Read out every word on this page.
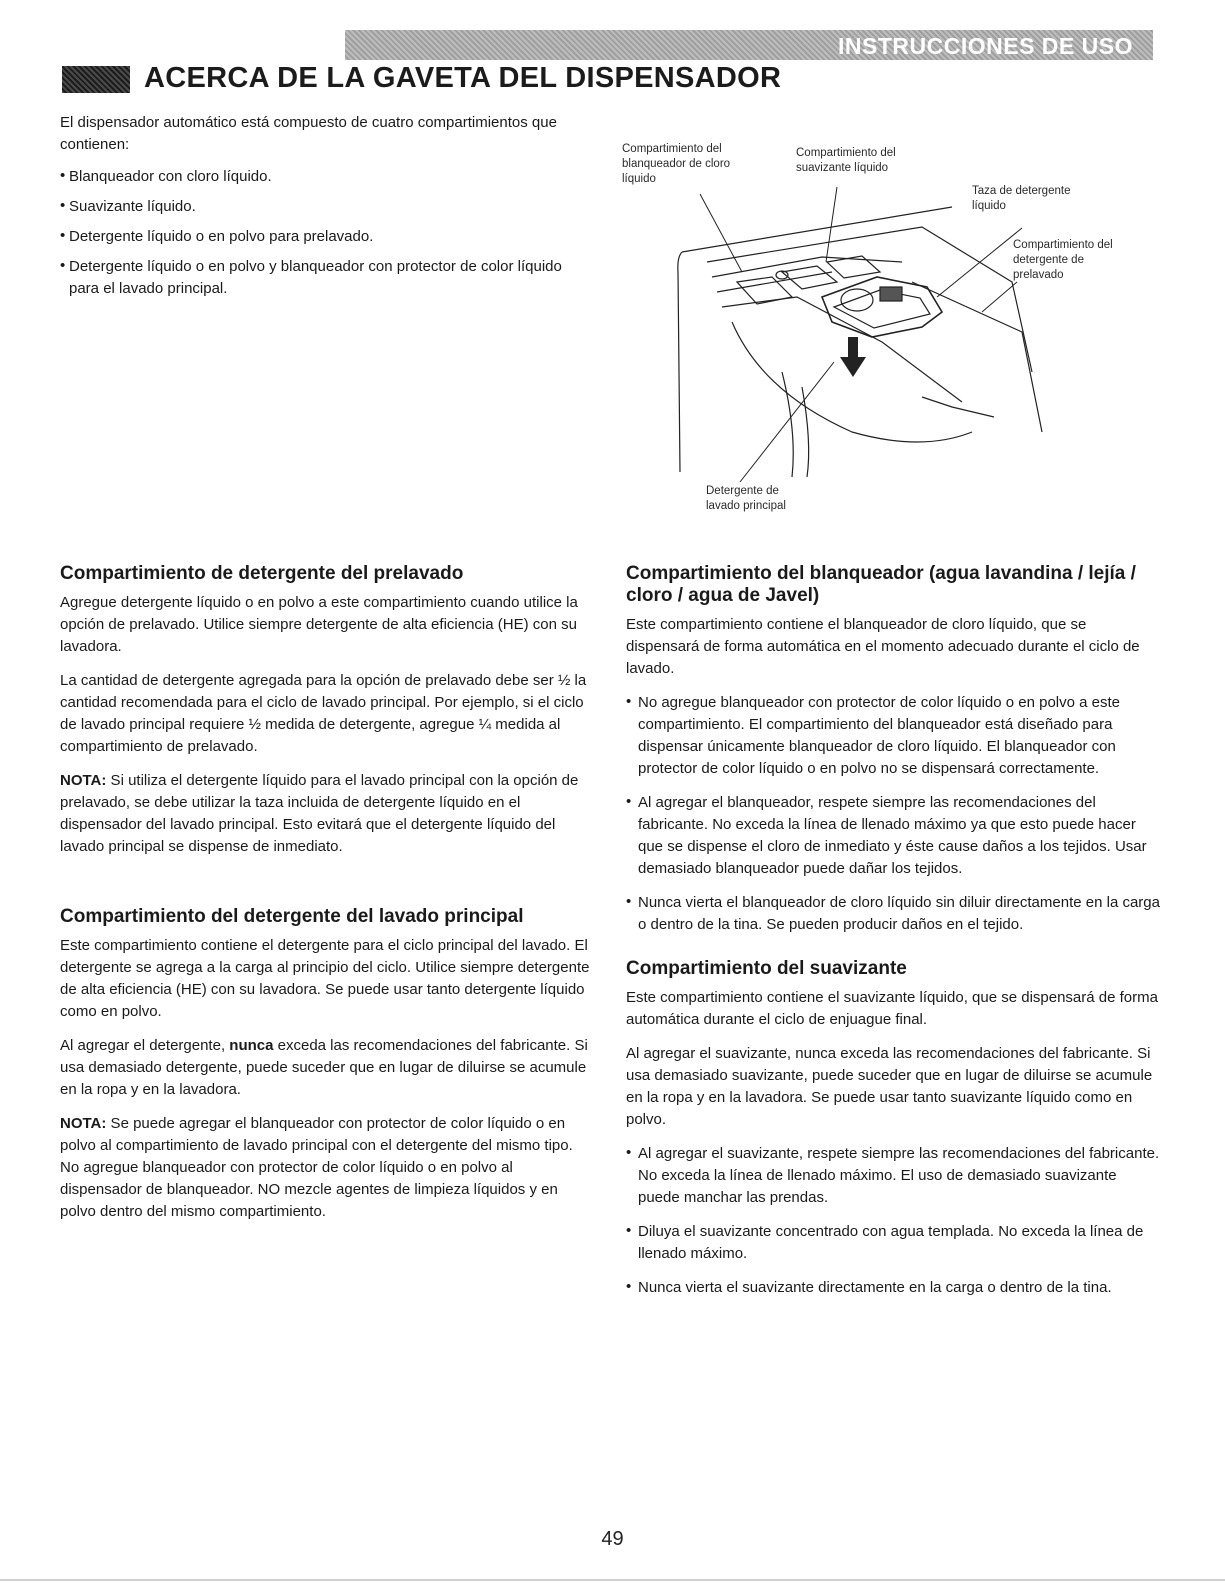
INSTRUCCIONES DE USO
ACERCA DE LA GAVETA DEL DISPENSADOR

El dispensador automático está compuesto de cuatro compartimientos que contienen:

• Blanqueador con cloro líquido.
• Suavizante líquido.
• Detergente líquido o en polvo para prelavado.
• Detergente líquido o en polvo y blanqueador con protector de color líquido para el lavado principal.
Compartimiento del
blanqueador de cloro
líquido
Compartimiento del
suavizante líquido
Taza de detergente
líquido
Compartimiento del
detergente de
prelavado
Detergente de
lavado principal
Compartimiento de detergente del prelavado

Agregue detergente líquido o en polvo a este compartimiento cuando utilice la opción de prelavado. Utilice siempre detergente de alta eficiencia (HE) con su lavadora.

La cantidad de detergente agregada para la opción de prelavado debe ser ½ la cantidad recomendada para el ciclo de lavado principal. Por ejemplo, si el ciclo de lavado principal requiere ½ medida de detergente, agregue ¼ medida al compartimiento de prelavado.

NOTA: Si utiliza el detergente líquido para el lavado principal con la opción de prelavado, se debe utilizar la taza incluida de detergente líquido en el dispensador del lavado principal. Esto evitará que el detergente líquido del lavado principal se dispense de inmediato.

Compartimiento del detergente del lavado principal

Este compartimiento contiene el detergente para el ciclo principal del lavado. El detergente se agrega a la carga al principio del ciclo. Utilice siempre detergente de alta eficiencia (HE) con su lavadora. Se puede usar tanto detergente líquido como en polvo.

Al agregar el detergente, nunca exceda las recomendaciones del fabricante. Si usa demasiado detergente, puede suceder que en lugar de diluirse se acumule en la ropa y en la lavadora.

NOTA: Se puede agregar el blanqueador con protector de color líquido o en polvo al compartimiento de lavado principal con el detergente del mismo tipo. No agregue blanqueador con protector de color líquido o en polvo al dispensador de blanqueador. NO mezcle agentes de limpieza líquidos y en polvo dentro del mismo compartimiento.

Compartimiento del blanqueador (agua lavandina / lejía / cloro / agua de Javel)

Este compartimiento contiene el blanqueador de cloro líquido, que se dispensará de forma automática en el momento adecuado durante el ciclo de lavado.

• No agregue blanqueador con protector de color líquido o en polvo a este compartimiento. El compartimiento del blanqueador está diseñado para dispensar únicamente blanqueador de cloro líquido. El blanqueador con protector de color líquido o en polvo no se dispensará correctamente.
• Al agregar el blanqueador, respete siempre las recomendaciones del fabricante. No exceda la línea de llenado máximo ya que esto puede hacer que se dispense el cloro de inmediato y éste cause daños a los tejidos. Usar demasiado blanqueador puede dañar los tejidos.
• Nunca vierta el blanqueador de cloro líquido sin diluir directamente en la carga o dentro de la tina. Se pueden producir daños en el tejido.
Compartimiento del suavizante

Este compartimiento contiene el suavizante líquido, que se dispensará de forma automática durante el ciclo de enjuague final.

Al agregar el suavizante, nunca exceda las recomendaciones del fabricante. Si usa demasiado suavizante, puede suceder que en lugar de diluirse se acumule en la ropa y en la lavadora. Se puede usar tanto suavizante líquido como en polvo.

• Al agregar el suavizante, respete siempre las recomendaciones del fabricante. No exceda la línea de llenado máximo. El uso de demasiado suavizante puede manchar las prendas.
• Diluya el suavizante concentrado con agua templada. No exceda la línea de llenado máximo.
• Nunca vierta el suavizante directamente en la carga o dentro de la tina.
49
